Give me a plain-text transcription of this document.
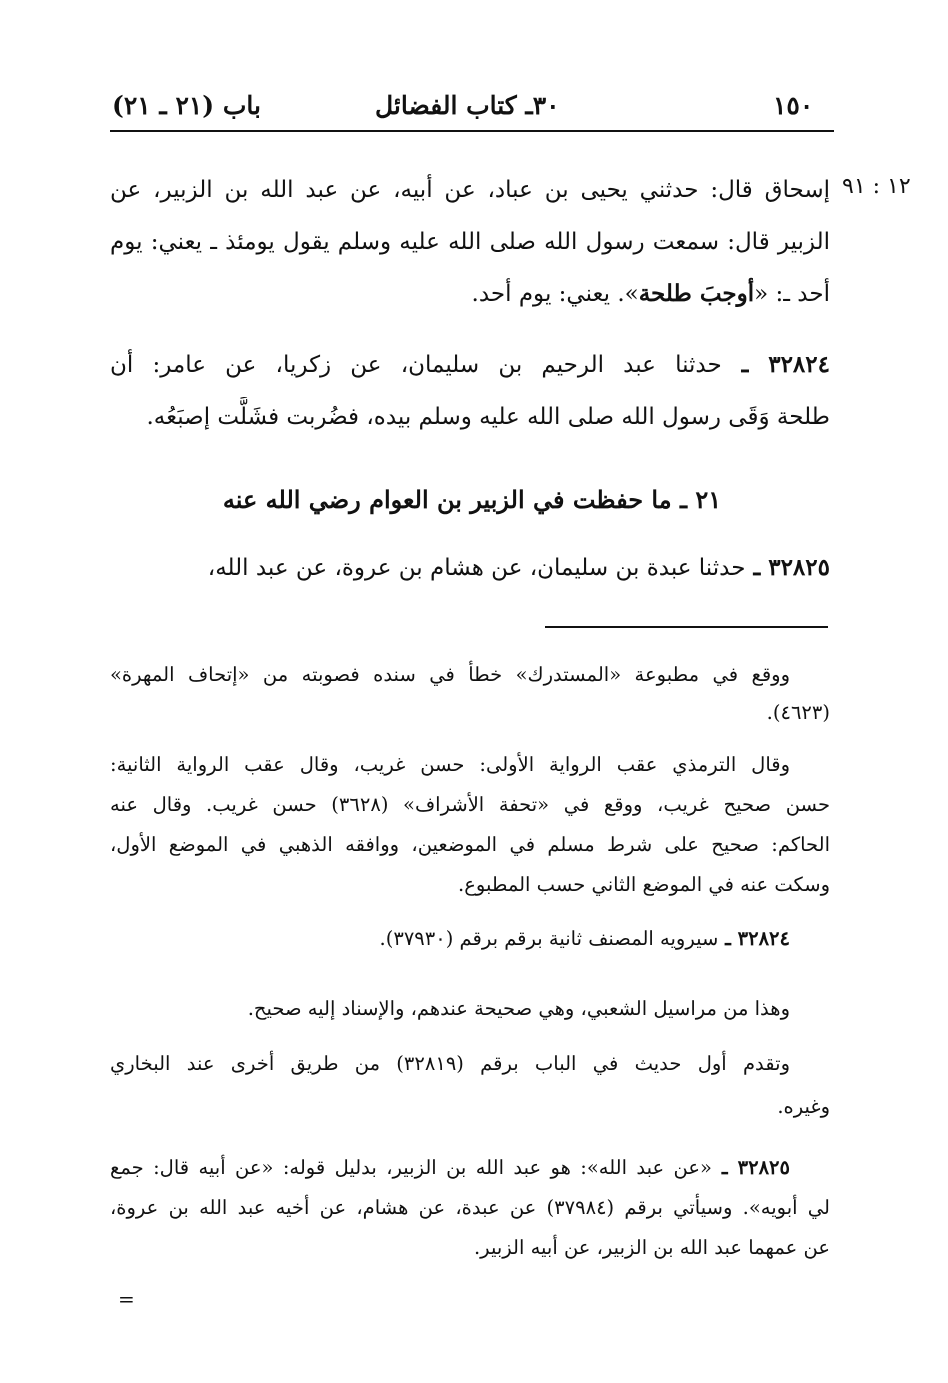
١٥٠
٣٠ـ كتاب الفضائل
باب (٢١ ـ ٢١)
١٢ : ٩١
إسحاق قال: حدثني يحيى بن عباد، عن أبيه، عن عبد الله بن الزبير، عن
الزبير قال: سمعت رسول الله صلى الله عليه وسلم يقول يومئذ ـ يعني: يوم
أحد ـ: «أوجبَ طلحة». يعني: يوم أحد.
٣٢٨٢٤ ـ حدثنا عبد الرحيم بن سليمان، عن زكريا، عن عامر: أن
طلحة وَقَى رسول الله صلى الله عليه وسلم بيده، فضُربت فشَلَّت إصبَعُه.
٢١ ـ ما حفظت في الزبير بن العوام رضي الله عنه
٣٢٨٢٥ ـ حدثنا عبدة بن سليمان، عن هشام بن عروة، عن عبد الله،
ووقع في مطبوعة «المستدرك» خطأ في سنده فصوبته من «إتحاف المهرة»
(٤٦٢٣).
وقال الترمذي عقب الرواية الأولى: حسن غريب، وقال عقب الرواية الثانية:
حسن صحيح غريب، ووقع في «تحفة الأشراف» (٣٦٢٨) حسن غريب. وقال عنه
الحاكم: صحيح على شرط مسلم في الموضعين، ووافقه الذهبي في الموضع الأول،
وسكت عنه في الموضع الثاني حسب المطبوع.
٣٢٨٢٤ ـ سيرويه المصنف ثانية برقم برقم (٣٧٩٣٠).
وهذا من مراسيل الشعبي، وهي صحيحة عندهم، والإسناد إليه صحيح.
وتقدم أول حديث في الباب برقم (٣٢٨١٩) من طريق أخرى عند البخاري
وغيره.
٣٢٨٢٥ ـ «عن عبد الله»: هو عبد الله بن الزبير، بدليل قوله: «عن أبيه قال: جمع
لي أبويه». وسيأتي برقم (٣٧٩٨٤) عن عبدة، عن هشام، عن أخيه عبد الله بن عروة،
عن عمهما عبد الله بن الزبير، عن أبيه الزبير.
=
